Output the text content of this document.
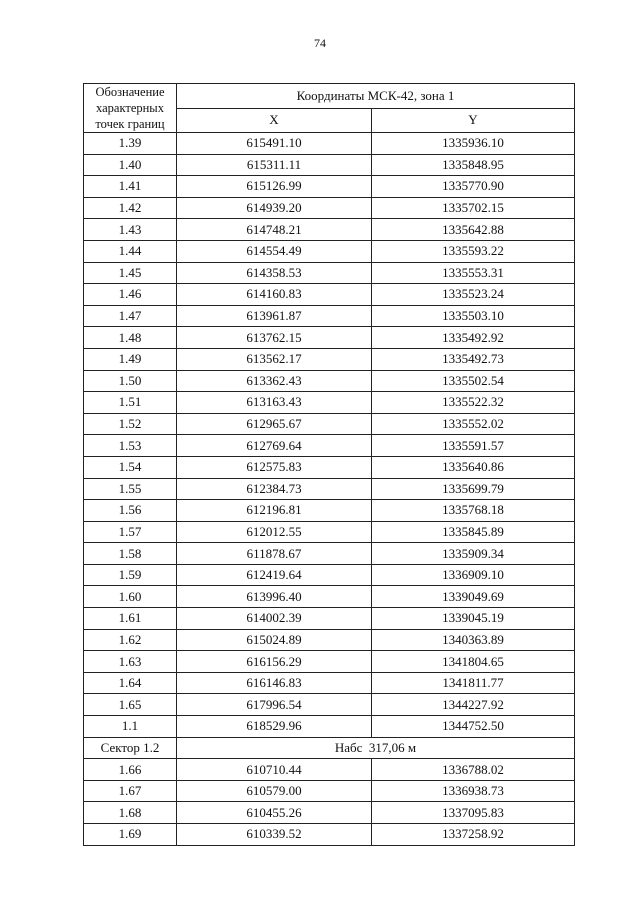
74
Обозначение
характерных
точек границ	Координаты МСК-42, зона 1	
	X	Y
1.39	615491.10	1335936.10
1.40	615311.11	1335848.95
1.41	615126.99	1335770.90
1.42	614939.20	1335702.15
1.43	614748.21	1335642.88
1.44	614554.49	1335593.22
1.45	614358.53	1335553.31
1.46	614160.83	1335523.24
1.47	613961.87	1335503.10
1.48	613762.15	1335492.92
1.49	613562.17	1335492.73
1.50	613362.43	1335502.54
1.51	613163.43	1335522.32
1.52	612965.67	1335552.02
1.53	612769.64	1335591.57
1.54	612575.83	1335640.86
1.55	612384.73	1335699.79
1.56	612196.81	1335768.18
1.57	612012.55	1335845.89
1.58	611878.67	1335909.34
1.59	612419.64	1336909.10
1.60	613996.40	1339049.69
1.61	614002.39	1339045.19
1.62	615024.89	1340363.89
1.63	616156.29	1341804.65
1.64	616146.83	1341811.77
1.65	617996.54	1344227.92
1.1	618529.96	1344752.50
Сектор 1.2	Набс  317,06 м	
1.66	610710.44	1336788.02
1.67	610579.00	1336938.73
1.68	610455.26	1337095.83
1.69	610339.52	1337258.92
